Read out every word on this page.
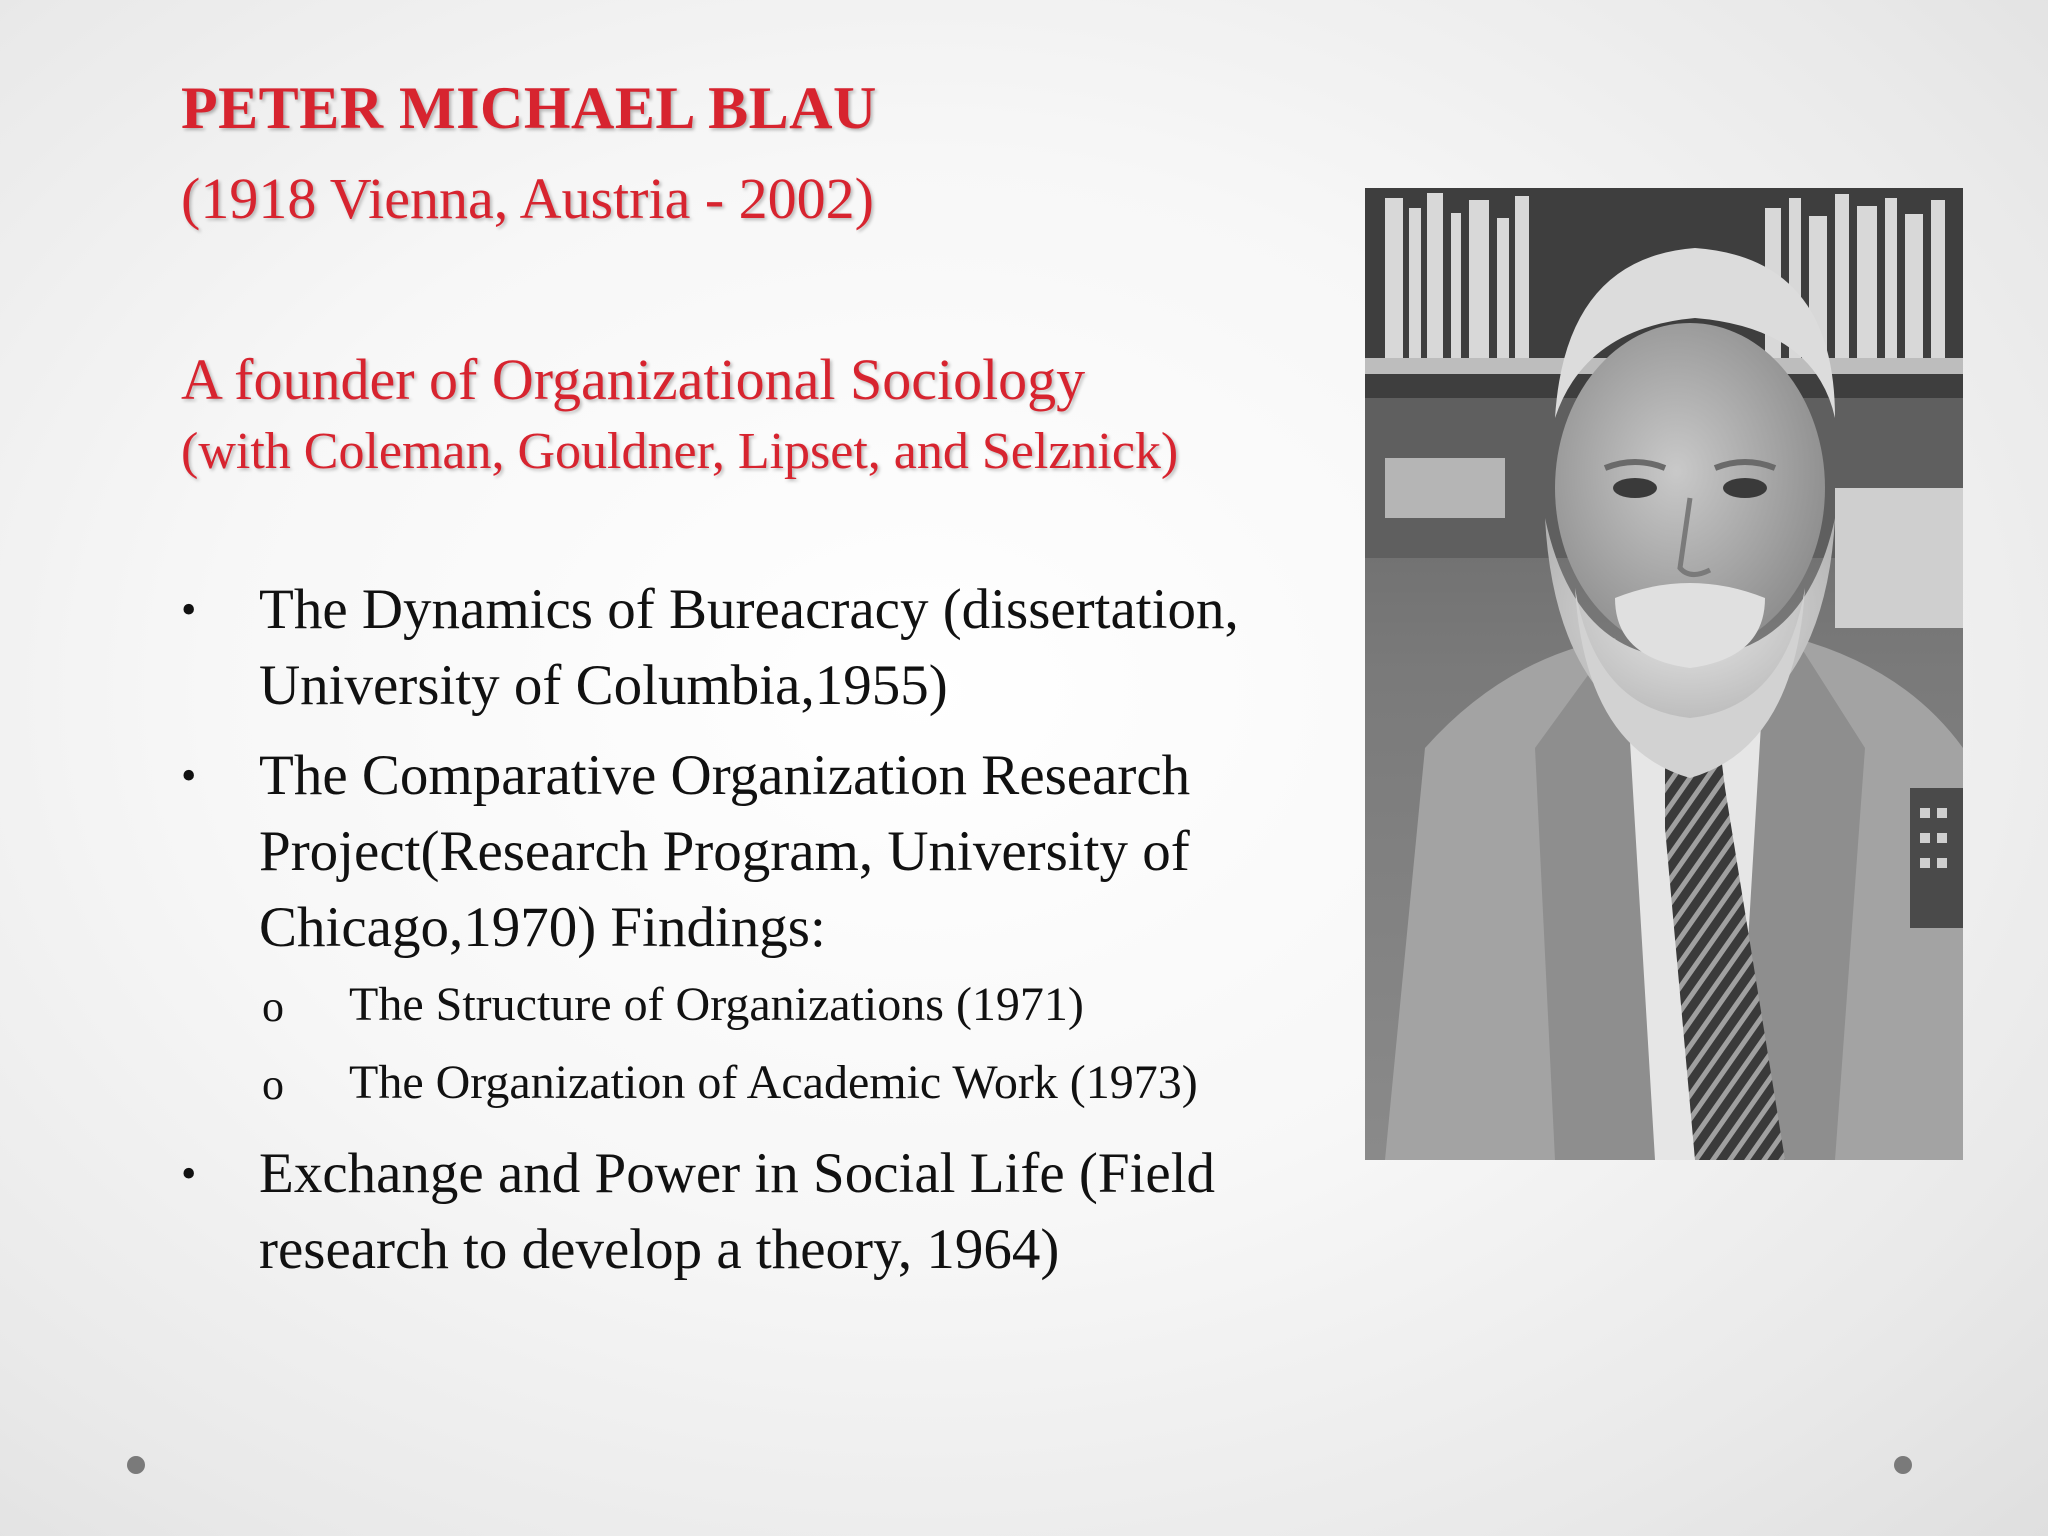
PETER MICHAEL BLAU

(1918 Vienna, Austria - 2002)

A founder of Organizational Sociology

(with Coleman, Gouldner, Lipset, and Selznick)

• The Dynamics of Bureacracy (dissertation, University of Columbia,1955)
• The Comparative Organization Research Project(Research Program, University of Chicago,1970) Findings:
o The Structure of Organizations (1971)
o The Organization of Academic Work (1973)
• Exchange and Power in Social Life (Field research to develop a theory, 1964)
